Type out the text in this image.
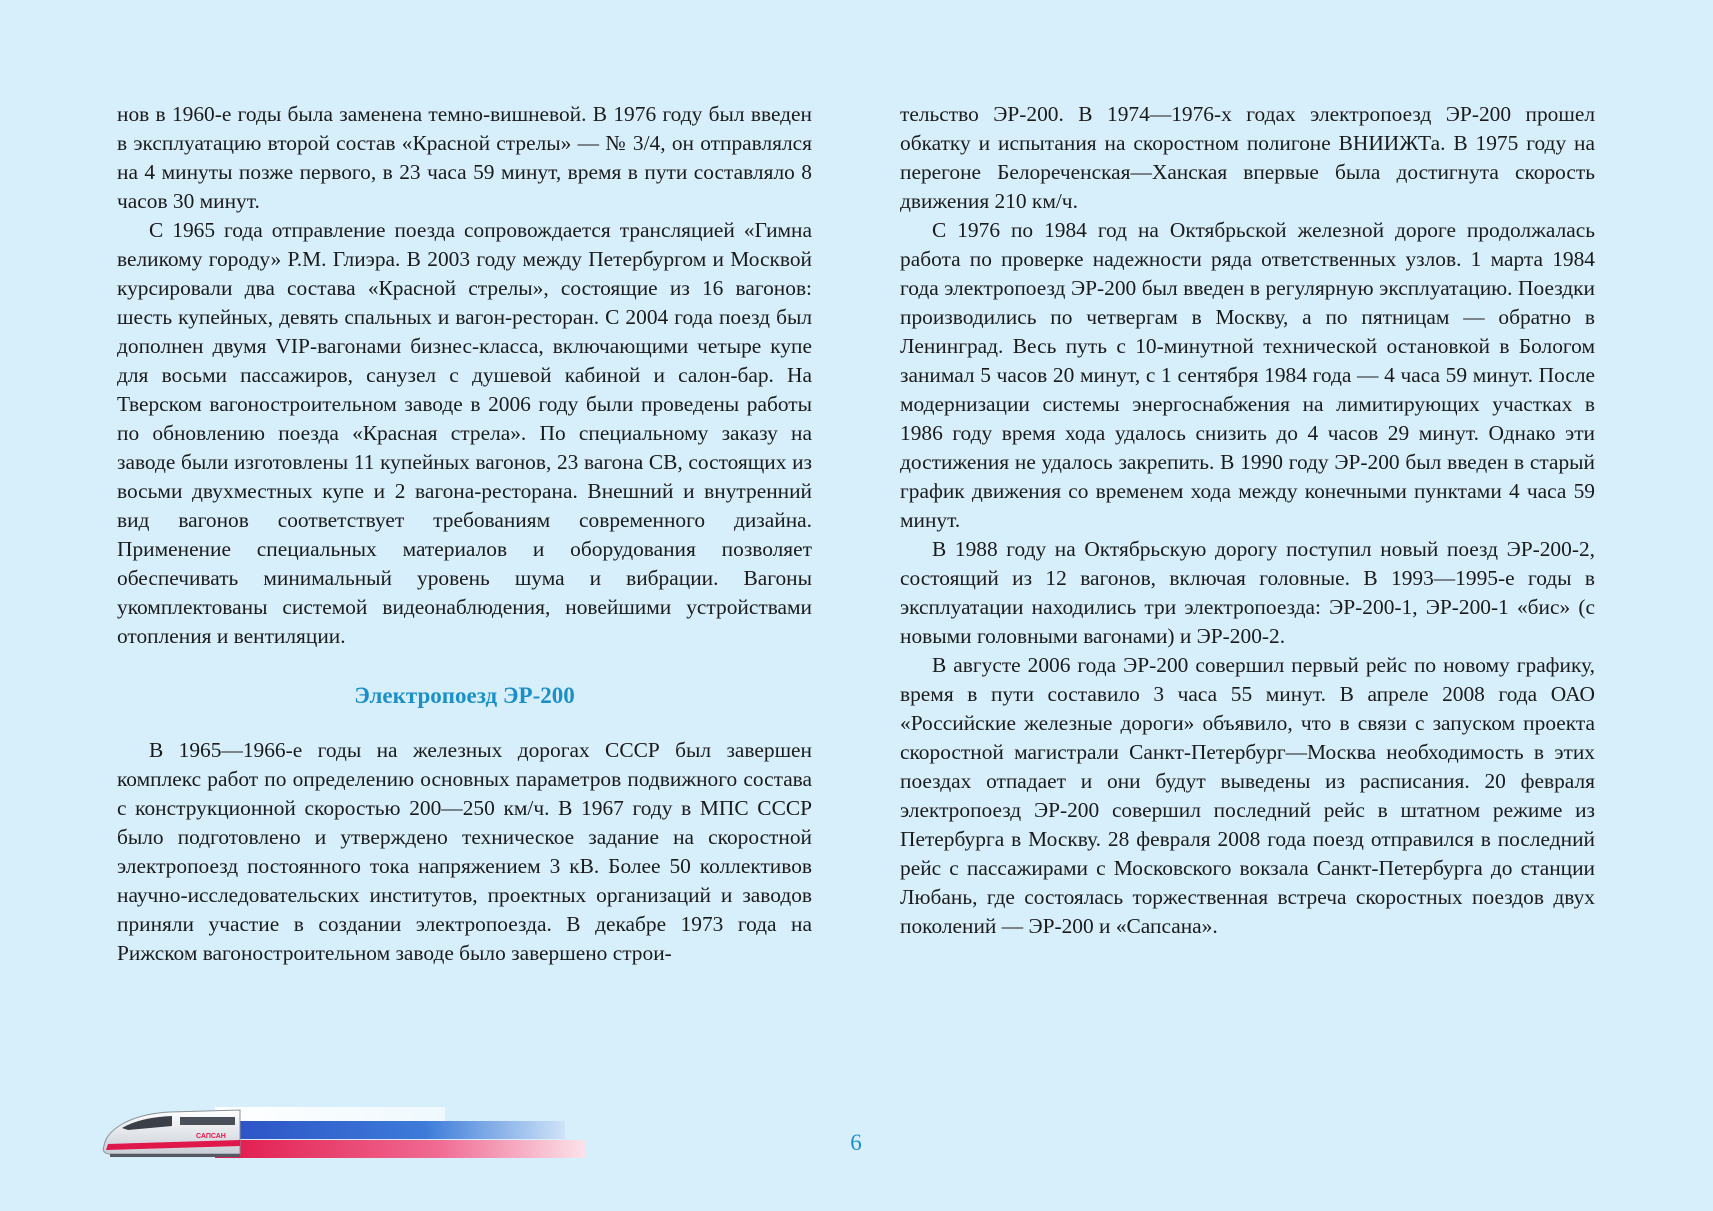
нов в 1960-е годы была заменена темно-вишневой. В 1976 году был введен в эксплуатацию второй состав «Красной стрелы» — № 3/4, он отправлялся на 4 минуты позже первого, в 23 часа 59 минут, время в пути составляло 8 часов 30 минут.

С 1965 года отправление поезда сопровождается трансляцией «Гимна великому городу» Р.М. Глиэра. В 2003 году между Петербургом и Москвой курсировали два состава «Красной стрелы», состоящие из 16 вагонов: шесть купейных, девять спальных и вагон-ресторан. С 2004 года поезд был дополнен двумя VIP-вагонами бизнес-класса, включающими четыре купе для восьми пассажиров, санузел с душевой кабиной и салон-бар. На Тверском вагоностроительном заводе в 2006 году были проведены работы по обновлению поезда «Красная стрела». По специальному заказу на заводе были изготовлены 11 купейных вагонов, 23 вагона СВ, состоящих из восьми двухместных купе и 2 вагона-ресторана. Внешний и внутренний вид вагонов соответствует требованиям современного дизайна. Применение специальных материалов и оборудования позволяет обеспечивать минимальный уровень шума и вибрации. Вагоны укомплектованы системой видеонаблюдения, новейшими устройствами отопления и вентиляции.

Электропоезд ЭР-200

В 1965—1966-е годы на железных дорогах СССР был завершен комплекс работ по определению основных параметров подвижного состава с конструкционной скоростью 200—250 км/ч. В 1967 году в МПС СССР было подготовлено и утверждено техническое задание на скоростной электропоезд постоянного тока напряжением 3 кВ. Более 50 коллективов научно-исследовательских институтов, проектных организаций и заводов приняли участие в создании электропоезда. В декабре 1973 года на Рижском вагоностроительном заводе было завершено строи-

тельство ЭР-200. В 1974—1976-х годах электропоезд ЭР-200 прошел обкатку и испытания на скоростном полигоне ВНИИЖТа. В 1975 году на перегоне Белореченская—Ханская впервые была достигнута скорость движения 210 км/ч.

С 1976 по 1984 год на Октябрьской железной дороге продолжалась работа по проверке надежности ряда ответственных узлов. 1 марта 1984 года электропоезд ЭР-200 был введен в регулярную эксплуатацию. Поездки производились по четвергам в Москву, а по пятницам — обратно в Ленинград. Весь путь с 10-минутной технической остановкой в Бологом занимал 5 часов 20 минут, с 1 сентября 1984 года — 4 часа 59 минут. После модернизации системы энергоснабжения на лимитирующих участках в 1986 году время хода удалось снизить до 4 часов 29 минут. Однако эти достижения не удалось закрепить. В 1990 году ЭР-200 был введен в старый график движения со временем хода между конечными пунктами 4 часа 59 минут.

В 1988 году на Октябрьскую дорогу поступил новый поезд ЭР-200-2, состоящий из 12 вагонов, включая головные. В 1993—1995-е годы в эксплуатации находились три электропоезда: ЭР-200-1, ЭР-200-1 «бис» (с новыми головными вагонами) и ЭР-200-2.

В августе 2006 года ЭР-200 совершил первый рейс по новому графику, время в пути составило 3 часа 55 минут. В апреле 2008 года ОАО «Российские железные дороги» объявило, что в связи с запуском проекта скоростной магистрали Санкт-Петербург—Москва необходимость в этих поездах отпадает и они будут выведены из расписания. 20 февраля электропоезд ЭР-200 совершил последний рейс в штатном режиме из Петербурга в Москву. 28 февраля 2008 года поезд отправился в последний рейс с пассажирами с Московского вокзала Санкт-Петербурга до станции Любань, где состоялась торжественная встреча скоростных поездов двух поколений — ЭР-200 и «Сапсана».

САПСАН	6
